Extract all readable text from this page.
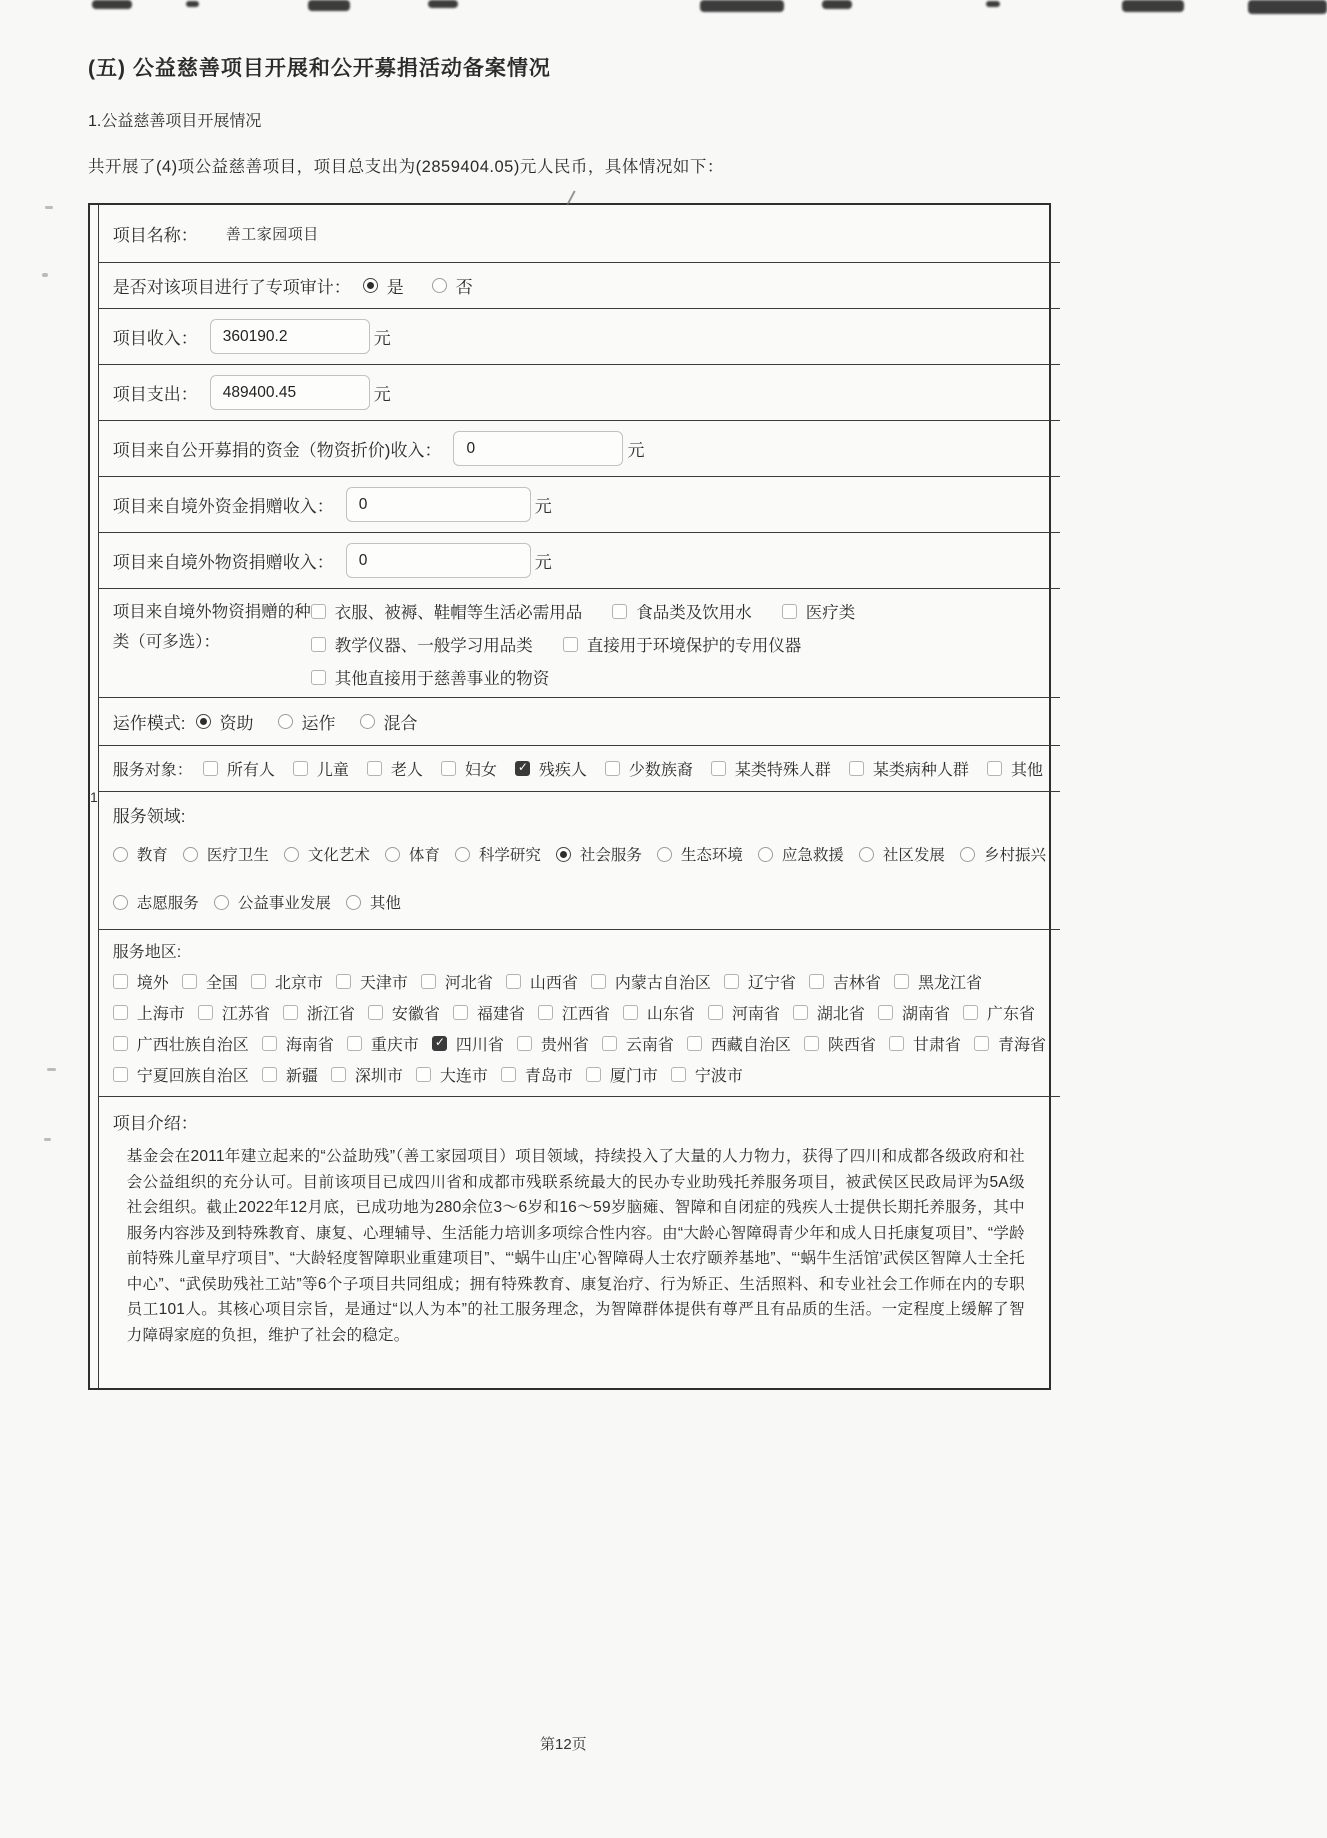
(五) 公益慈善项目开展和公开募捐活动备案情况
1.公益慈善项目开展情况
共开展了(4)项公益慈善项目，项目总支出为(2859404.05)元人民币，具体情况如下：
1
项目名称： 善工家园项目
是否对该项目进行了专项审计： 是	否
项目收入：	360190.2	元
项目支出：	489400.45	元
项目来自公开募捐的资金（物资折价)收入：	0	元
项目来自境外资金捐赠收入：	0	元
项目来自境外物资捐赠收入：	0	元
项目来自境外物资捐赠的种类（可多选）：
衣服、被褥、鞋帽等生活必需用品	食品类及饮用水	医疗类
教学仪器、一般学习用品类	直接用于环境保护的专用仪器
其他直接用于慈善事业的物资
运作模式: 资助	运作	混合
服务对象： 所有人	儿童	老人	妇女 ✓	残疾人	少数族裔	某类特殊人群	某类病种人群	其他
服务领域:
教育	医疗卫生	文化艺术	体育	科学研究	社会服务	生态环境	应急救援	社区发展	乡村振兴
志愿服务	公益事业发展	其他
服务地区:
境外 全国 北京市 天津市 河北省 山西省 内蒙古自治区 辽宁省 吉林省 黑龙江省
上海市 江苏省 浙江省 安徽省 福建省 江西省 山东省 河南省 湖北省 湖南省 广东省
广西壮族自治区 海南省 重庆市 ✓ 四川省 贵州省 云南省 西藏自治区 陕西省 甘肃省 青海省
宁夏回族自治区 新疆 深圳市 大连市 青岛市 厦门市 宁波市
项目介绍：
基金会在2011年建立起来的“公益助残”（善工家园项目）项目领域，持续投入了大量的人力物力，获得了四川和成都各级政府和社会公益组织的充分认可。目前该项目已成四川省和成都市残联系统最大的民办专业助残托养服务项目，被武侯区民政局评为5A级社会组织。截止2022年12月底，已成功地为280余位3～6岁和16～59岁脑瘫、智障和自闭症的残疾人士提供长期托养服务，其中服务内容涉及到特殊教育、康复、心理辅导、生活能力培训多项综合性内容。由“大龄心智障碍青少年和成人日托康复项目”、“学龄前特殊儿童早疗项目”、“大龄轻度智障职业重建项目”、“‘蜗牛山庄’心智障碍人士农疗颐养基地”、“‘蜗牛生活馆’武侯区智障人士全托中心”、“武侯助残社工站”等6个子项目共同组成；拥有特殊教育、康复治疗、行为矫正、生活照料、和专业社会工作师在内的专职员工101人。其核心项目宗旨，是通过“以人为本”的社工服务理念，为智障群体提供有尊严且有品质的生活。一定程度上缓解了智力障碍家庭的负担，维护了社会的稳定。
第12页
